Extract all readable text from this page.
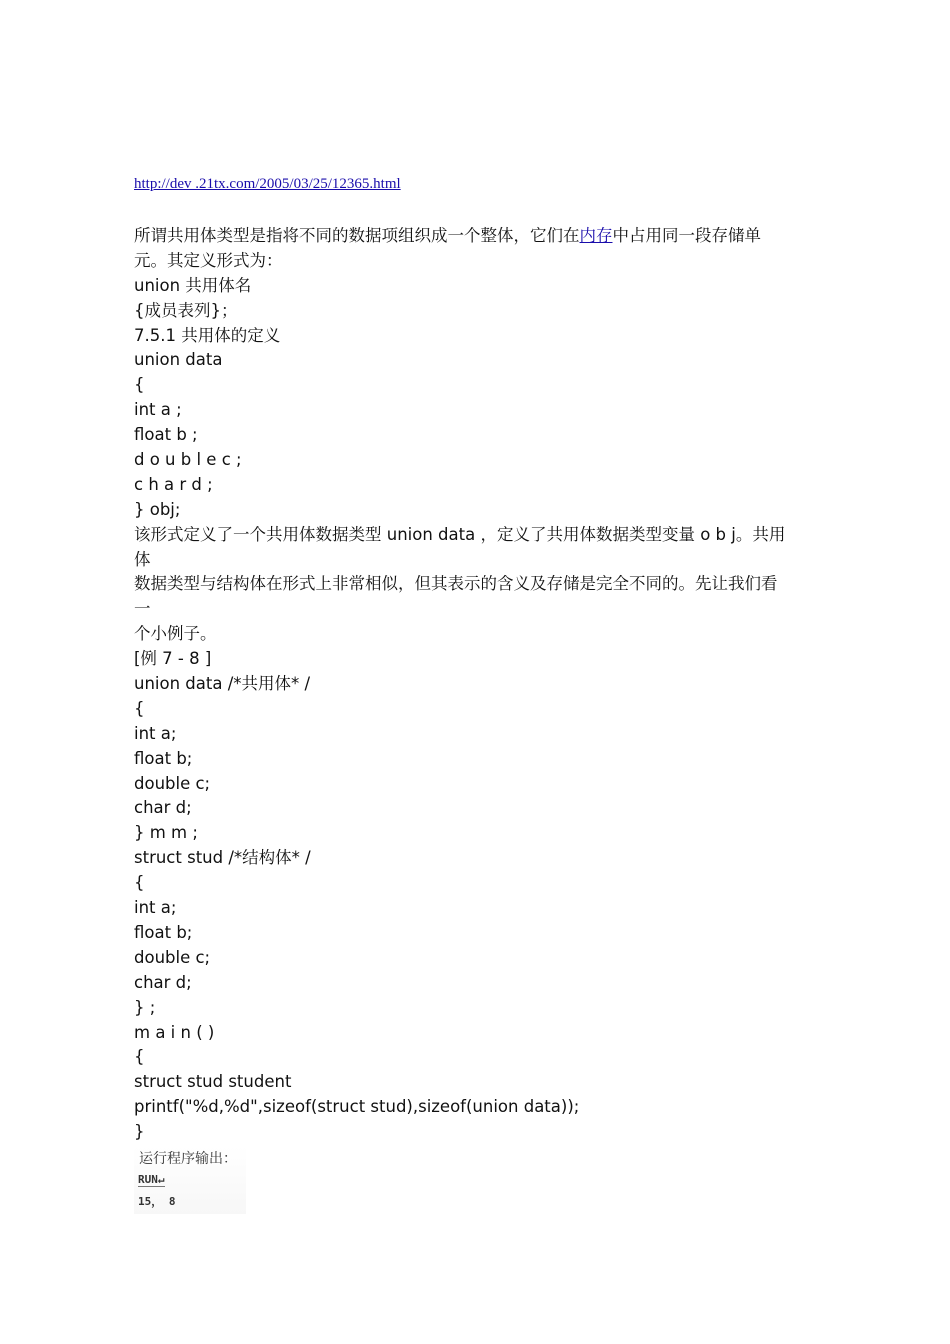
http://dev .21tx.com/2005/03/25/12365.html
所谓共用体类型是指将不同的数据项组织成一个整体，它们在内存中占用同一段存储单
元。其定义形式为：
union 共用体名
{成员表列}；
7.5.1 共用体的定义
union data
{
int a ;
float b ;
d o u b l e c ;
c h a r d ;
} obj;
该形式定义了一个共用体数据类型 union data ，定义了共用体数据类型变量 o b j。共用
体
数据类型与结构体在形式上非常相似，但其表示的含义及存储是完全不同的。先让我们看
一
个小例子。
[例 7 - 8 ]
union data /*共用体* /
{
int a;
float b;
double c;
char d;
} m m ;
struct stud /*结构体* /
{
int a;
float b;
double c;
char d;
} ;
m a i n ( )
{
struct stud student
printf("%d,%d",sizeof(struct stud),sizeof(union data));
}
运行程序输出：
RUN↵
15， 8
